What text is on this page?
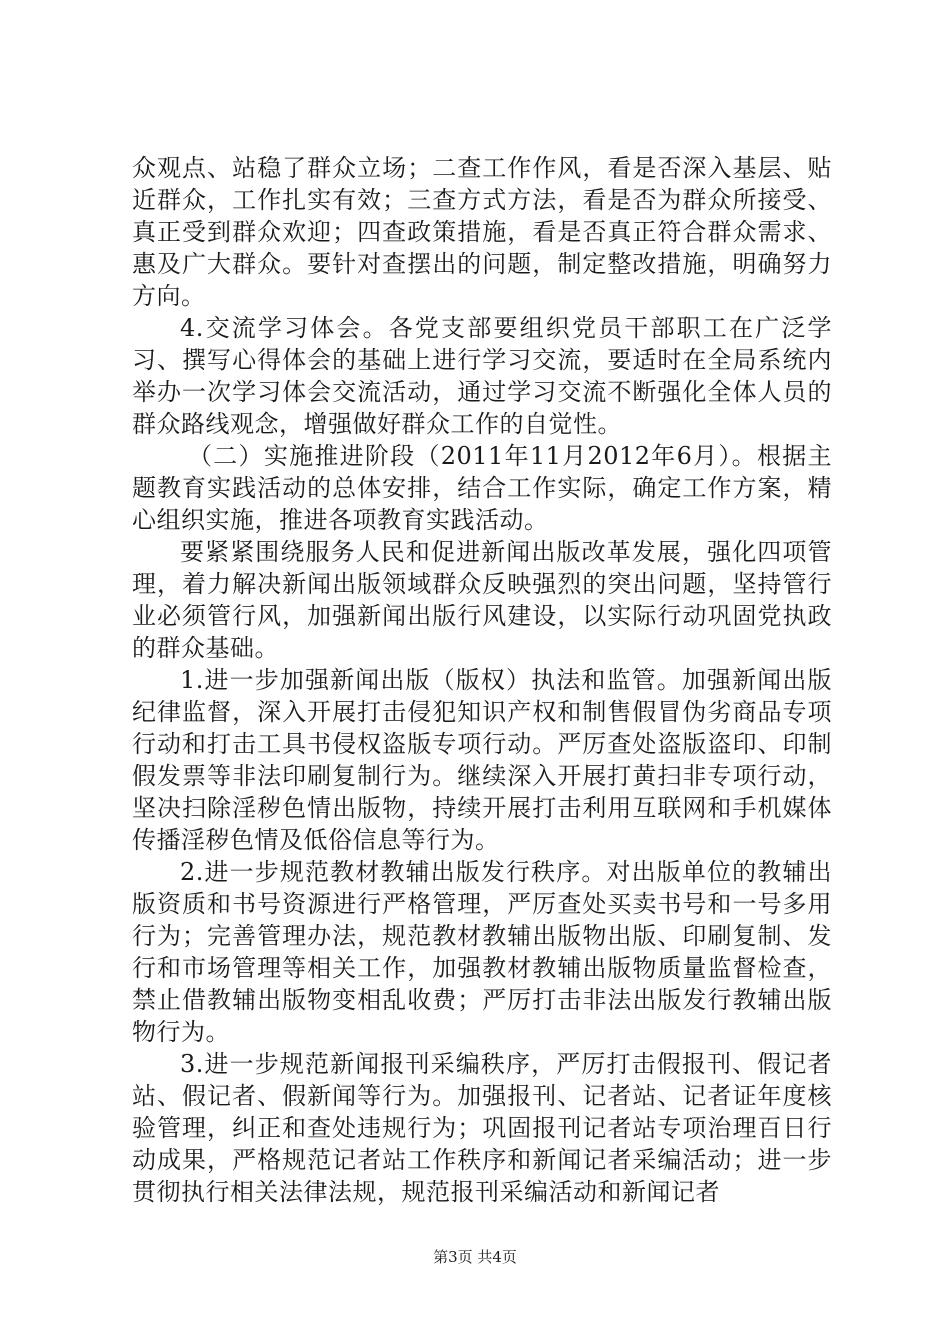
众观点、站稳了群众立场；二查工作作风，看是否深入基层、贴近群众，工作扎实有效；三查方式方法，看是否为群众所接受、真正受到群众欢迎；四查政策措施，看是否真正符合群众需求、惠及广大群众。要针对查摆出的问题，制定整改措施，明确努力方向。

4.交流学习体会。各党支部要组织党员干部职工在广泛学习、撰写心得体会的基础上进行学习交流，要适时在全局系统内举办一次学习体会交流活动，通过学习交流不断强化全体人员的群众路线观念，增强做好群众工作的自觉性。

（二）实施推进阶段（2011年11月2012年6月）。根据主题教育实践活动的总体安排，结合工作实际，确定工作方案，精心组织实施，推进各项教育实践活动。

要紧紧围绕服务人民和促进新闻出版改革发展，强化四项管理，着力解决新闻出版领域群众反映强烈的突出问题，坚持管行业必须管行风，加强新闻出版行风建设，以实际行动巩固党执政的群众基础。

1.进一步加强新闻出版（版权）执法和监管。加强新闻出版纪律监督，深入开展打击侵犯知识产权和制售假冒伪劣商品专项行动和打击工具书侵权盗版专项行动。严厉查处盗版盗印、印制假发票等非法印刷复制行为。继续深入开展打黄扫非专项行动，坚决扫除淫秽色情出版物，持续开展打击利用互联网和手机媒体传播淫秽色情及低俗信息等行为。

2.进一步规范教材教辅出版发行秩序。对出版单位的教辅出版资质和书号资源进行严格管理，严厉查处买卖书号和一号多用行为；完善管理办法，规范教材教辅出版物出版、印刷复制、发行和市场管理等相关工作，加强教材教辅出版物质量监督检查，禁止借教辅出版物变相乱收费；严厉打击非法出版发行教辅出版物行为。

3.进一步规范新闻报刊采编秩序，严厉打击假报刊、假记者站、假记者、假新闻等行为。加强报刊、记者站、记者证年度核验管理，纠正和查处违规行为；巩固报刊记者站专项治理百日行动成果，严格规范记者站工作秩序和新闻记者采编活动；进一步贯彻执行相关法律法规，规范报刊采编活动和新闻记者

第3页 共4页
